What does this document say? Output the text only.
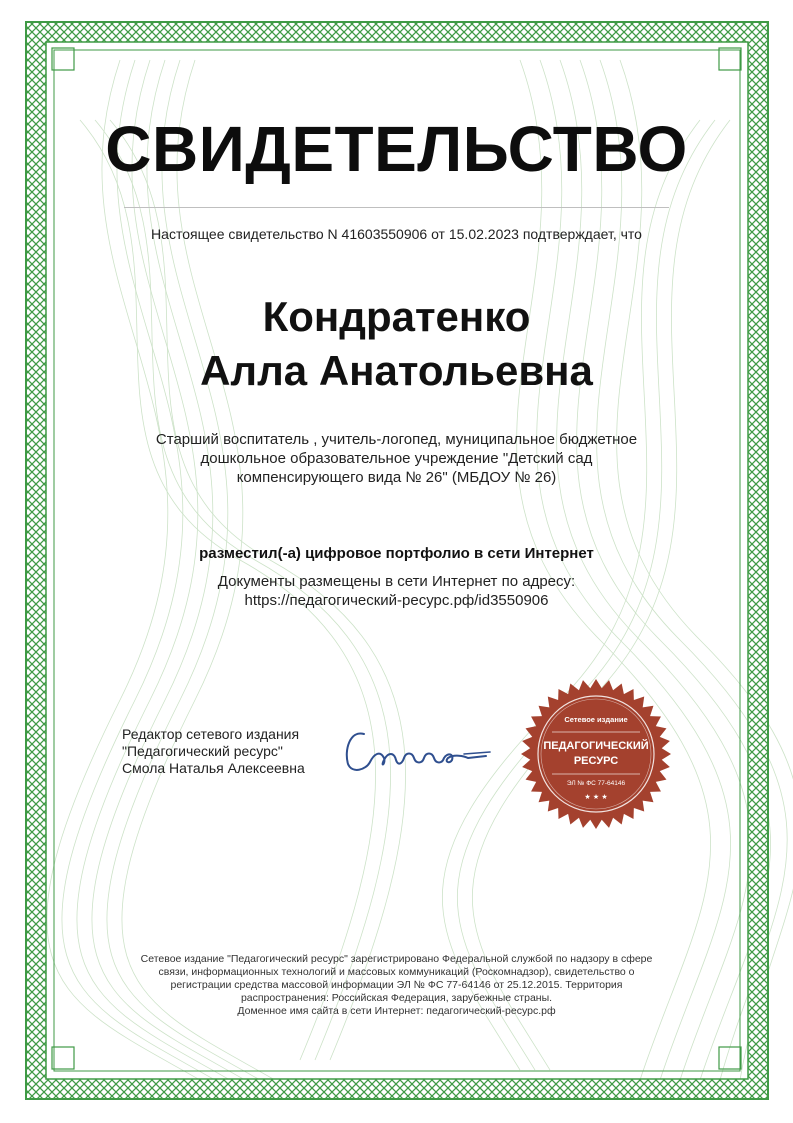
СВИДЕТЕЛЬСТВО
Настоящее свидетельство N 41603550906 от 15.02.2023 подтверждает, что
Кондратенко
Алла Анатольевна
Старший воспитатель , учитель-логопед, муниципальное бюджетное
дошкольное образовательное учреждение "Детский сад
компенсирующего вида № 26" (МБДОУ № 26)
разместил(-а) цифровое портфолио в сети Интернет
Документы размещены в сети Интернет по адресу:
https://педагогический-ресурс.рф/id3550906
Редактор сетевого издания
"Педагогический ресурс"
Смола Наталья Алексеевна
Сетевое издание
ПЕДАГОГИЧЕСКИЙ
РЕСУРС
ЭЛ № ФС 77-64146
★ ★ ★
Сетевое издание "Педагогический ресурс" зарегистрировано Федеральной службой по надзору в сфере
связи, информационных технологий и массовых коммуникаций (Роскомнадзор), свидетельство о
регистрации средства массовой информации ЭЛ № ФС 77-64146 от 25.12.2015. Территория
распространения: Российская Федерация, зарубежные страны.
Доменное имя сайта в сети Интернет: педагогический-ресурс.рф
